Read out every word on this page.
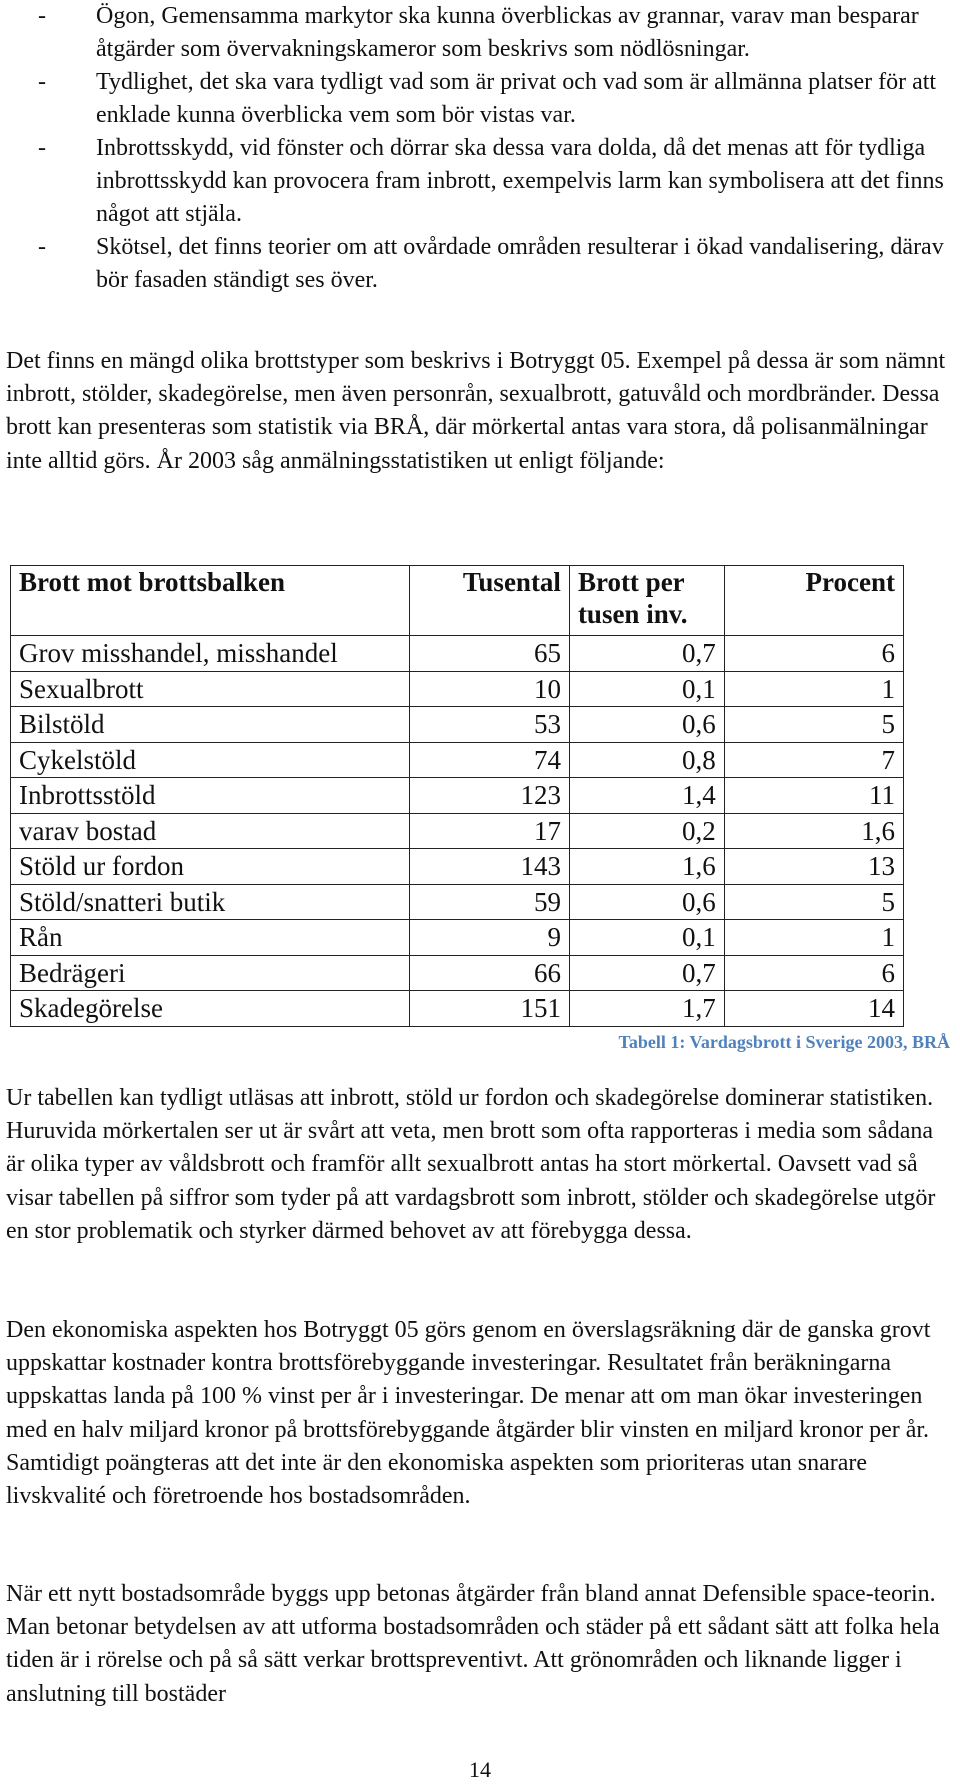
- Ögon, Gemensamma markytor ska kunna överblickas av grannar, varav man besparar åtgärder som övervakningskameror som beskrivs som nödlösningar.
- Tydlighet, det ska vara tydligt vad som är privat och vad som är allmänna platser för att enklade kunna överblicka vem som bör vistas var.
- Inbrottsskydd, vid fönster och dörrar ska dessa vara dolda, då det menas att för tydliga inbrottsskydd kan provocera fram inbrott, exempelvis larm kan symbolisera att det finns något att stjäla.
- Skötsel, det finns teorier om att ovårdade områden resulterar i ökad vandalisering, därav bör fasaden ständigt ses över.

Det finns en mängd olika brottstyper som beskrivs i Botryggt 05. Exempel på dessa är som nämnt inbrott, stölder, skadegörelse, men även personrån, sexualbrott, gatuvåld och mordbränder. Dessa brott kan presenteras som statistik via BRÅ, där mörkertal antas vara stora, då polisanmälningar inte alltid görs. År 2003 såg anmälningsstatistiken ut enligt följande:

Brott mot brottsbalken	Tusental	Brott per tusen inv.	Procent
Grov misshandel, misshandel	65	0,7	6
Sexualbrott	10	0,1	1
Bilstöld	53	0,6	5
Cykelstöld	74	0,8	7
Inbrottsstöld	123	1,4	11
varav bostad	17	0,2	1,6
Stöld ur fordon	143	1,6	13
Stöld/snatteri butik	59	0,6	5
Rån	9	0,1	1
Bedrägeri	66	0,7	6
Skadegörelse	151	1,7	14
Tabell 1: Vardagsbrott i Sverige 2003, BRÅ

Ur tabellen kan tydligt utläsas att inbrott, stöld ur fordon och skadegörelse dominerar statistiken. Huruvida mörkertalen ser ut är svårt att veta, men brott som ofta rapporteras i media som sådana är olika typer av våldsbrott och framför allt sexualbrott antas ha stort mörkertal. Oavsett vad så visar tabellen på siffror som tyder på att vardagsbrott som inbrott, stölder och skadegörelse utgör en stor problematik och styrker därmed behovet av att förebygga dessa.

Den ekonomiska aspekten hos Botryggt 05 görs genom en överslagsräkning där de ganska grovt uppskattar kostnader kontra brottsförebyggande investeringar. Resultatet från beräkningarna uppskattas landa på 100 % vinst per år i investeringar. De menar att om man ökar investeringen med en halv miljard kronor på brottsförebyggande åtgärder blir vinsten en miljard kronor per år. Samtidigt poängteras att det inte är den ekonomiska aspekten som prioriteras utan snarare livskvalité och företroende hos bostadsområden.

När ett nytt bostadsområde byggs upp betonas åtgärder från bland annat Defensible space-teorin. Man betonar betydelsen av att utforma bostadsområden och städer på ett sådant sätt att folka hela tiden är i rörelse och på så sätt verkar brottspreventivt. Att grönområden och liknande ligger i anslutning till bostäder

14
